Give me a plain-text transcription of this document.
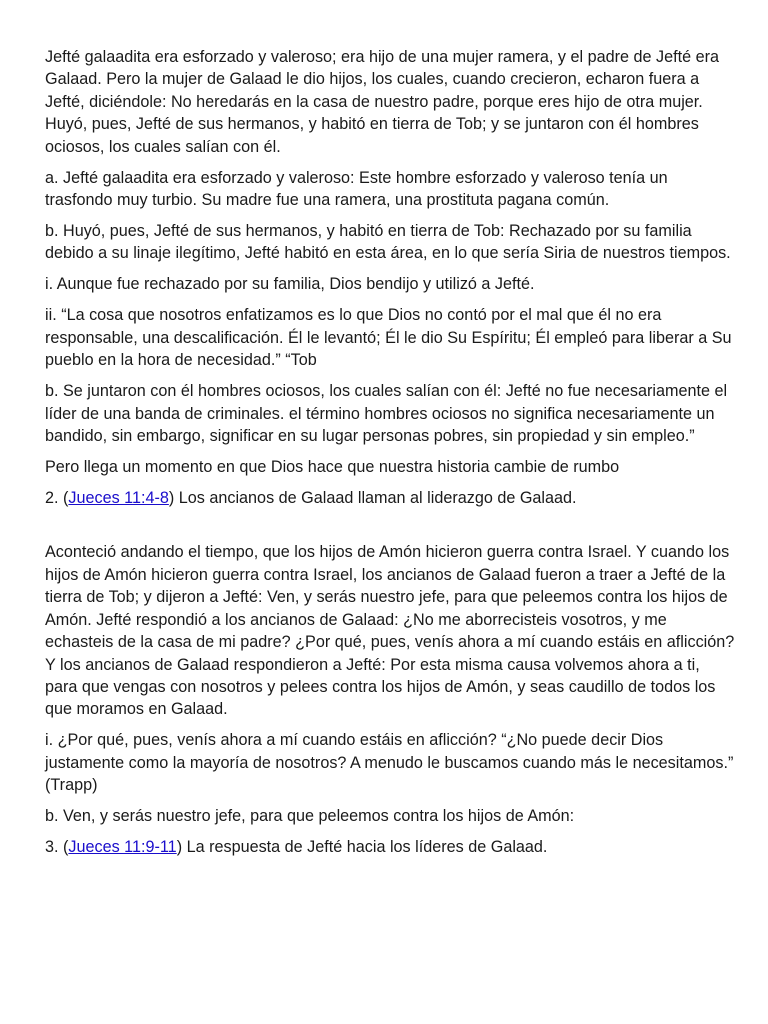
Jefté galaadita era esforzado y valeroso; era hijo de una mujer ramera, y el padre de Jefté era Galaad. Pero la mujer de Galaad le dio hijos, los cuales, cuando crecieron, echaron fuera a Jefté, diciéndole: No heredarás en la casa de nuestro padre, porque eres hijo de otra mujer. Huyó, pues, Jefté de sus hermanos, y habitó en tierra de Tob; y se juntaron con él hombres ociosos, los cuales salían con él.

a. Jefté galaadita era esforzado y valeroso: Este hombre esforzado y valeroso tenía un trasfondo muy turbio. Su madre fue una ramera, una prostituta pagana común.

b. Huyó, pues, Jefté de sus hermanos, y habitó en tierra de Tob: Rechazado por su familia debido a su linaje ilegítimo, Jefté habitó en esta área, en lo que sería Siria de nuestros tiempos.

i. Aunque fue rechazado por su familia, Dios bendijo y utilizó a Jefté.

ii. “La cosa que nosotros enfatizamos es lo que Dios no contó por el mal que él no era responsable, una descalificación. Él le levantó; Él le dio Su Espíritu; Él empleó para liberar a Su pueblo en la hora de necesidad.” “Tob

b. Se juntaron con él hombres ociosos, los cuales salían con él: Jefté no fue necesariamente el líder de una banda de criminales. el término hombres ociosos no significa necesariamente un bandido, sin embargo, significar en su lugar personas pobres, sin propiedad y sin empleo.”

Pero llega un momento en que Dios hace que nuestra historia cambie de rumbo

2. (Jueces 11:4-8) Los ancianos de Galaad llaman al liderazgo de Galaad.

Aconteció andando el tiempo, que los hijos de Amón hicieron guerra contra Israel. Y cuando los hijos de Amón hicieron guerra contra Israel, los ancianos de Galaad fueron a traer a Jefté de la tierra de Tob; y dijeron a Jefté: Ven, y serás nuestro jefe, para que peleemos contra los hijos de Amón. Jefté respondió a los ancianos de Galaad: ¿No me aborrecisteis vosotros, y me echasteis de la casa de mi padre? ¿Por qué, pues, venís ahora a mí cuando estáis en aflicción? Y los ancianos de Galaad respondieron a Jefté: Por esta misma causa volvemos ahora a ti, para que vengas con nosotros y pelees contra los hijos de Amón, y seas caudillo de todos los que moramos en Galaad.

i. ¿Por qué, pues, venís ahora a mí cuando estáis en aflicción? “¿No puede decir Dios justamente como la mayoría de nosotros? A menudo le buscamos cuando más le necesitamos.” (Trapp)

b. Ven, y serás nuestro jefe, para que peleemos contra los hijos de Amón:

3. (Jueces 11:9-11) La respuesta de Jefté hacia los líderes de Galaad.
